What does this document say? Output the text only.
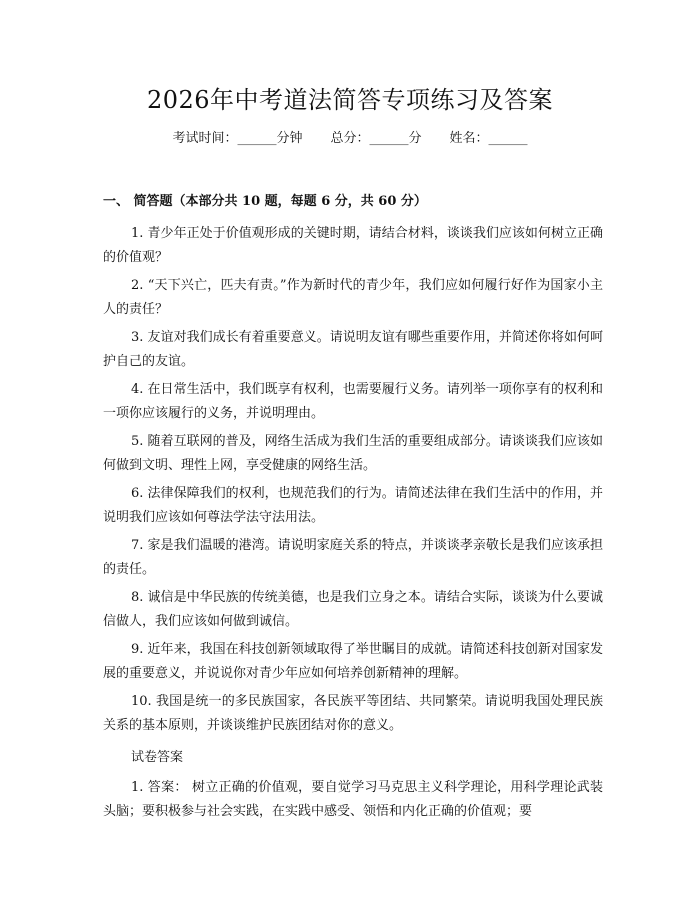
2026年中考道法简答专项练习及答案
考试时间：______分钟 总分：______分 姓名：______
一、 简答题（本部分共 10 题，每题 6 分，共 60 分）

1. 青少年正处于价值观形成的关键时期，请结合材料，谈谈我们应该如何树立正确的价值观？

2. “天下兴亡，匹夫有责。”作为新时代的青少年，我们应如何履行好作为国家小主人的责任？

3. 友谊对我们成长有着重要意义。请说明友谊有哪些重要作用，并简述你将如何呵护自己的友谊。

4. 在日常生活中，我们既享有权利，也需要履行义务。请列举一项你享有的权利和一项你应该履行的义务，并说明理由。

5. 随着互联网的普及，网络生活成为我们生活的重要组成部分。请谈谈我们应该如何做到文明、理性上网，享受健康的网络生活。

6. 法律保障我们的权利，也规范我们的行为。请简述法律在我们生活中的作用，并说明我们应该如何尊法学法守法用法。

7. 家是我们温暖的港湾。请说明家庭关系的特点，并谈谈孝亲敬长是我们应该承担的责任。

8. 诚信是中华民族的传统美德，也是我们立身之本。请结合实际，谈谈为什么要诚信做人，我们应该如何做到诚信。

9. 近年来，我国在科技创新领域取得了举世瞩目的成就。请简述科技创新对国家发展的重要意义，并说说你对青少年应如何培养创新精神的理解。

10. 我国是统一的多民族国家，各民族平等团结、共同繁荣。请说明我国处理民族关系的基本原则，并谈谈维护民族团结对你的意义。

试卷答案

1. 答案： 树立正确的价值观，要自觉学习马克思主义科学理论，用科学理论武装头脑；要积极参与社会实践，在实践中感受、领悟和内化正确的价值观；要
